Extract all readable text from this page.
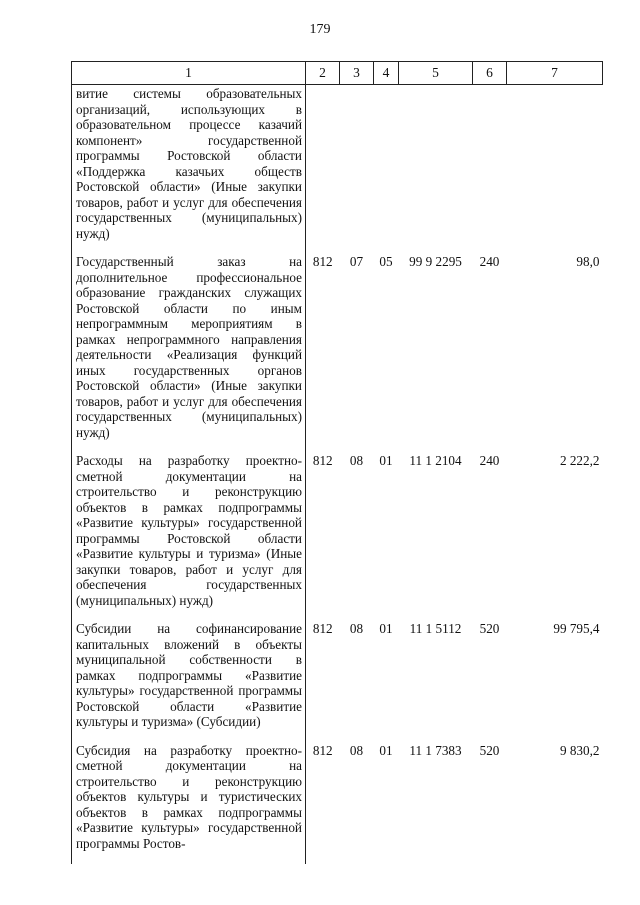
179
1	2	3	4	5	6	7
витие системы образовательных организаций, использующих в образовательном процессе казачий компонент» государственной программы Ростовской области «Поддержка казачьих обществ Ростовской области» (Иные закупки товаров, работ и услуг для обеспечения государственных (муниципальных) нужд)						
Государственный заказ на дополнительное профессиональное образование гражданских служащих Ростовской области по иным непрограммным мероприятиям в рамках непрограммного направления деятельности «Реализация функций иных государственных органов Ростовской области» (Иные закупки товаров, работ и услуг для обеспечения государственных (муниципальных) нужд)	812	07	05	99 9 2295	240	98,0
Расходы на разработку проектно-сметной документации на строительство и реконструкцию объектов в рамках подпрограммы «Развитие культуры» государственной программы Ростовской области «Развитие культуры и туризма» (Иные закупки товаров, работ и услуг для обеспечения государственных (муниципальных) нужд)	812	08	01	11 1 2104	240	2 222,2
Субсидии на софинансирование капитальных вложений в объекты муниципальной собственности в рамках подпрограммы «Развитие культуры» государственной программы Ростовской области «Развитие культуры и туризма» (Субсидии)	812	08	01	11 1 5112	520	99 795,4
Субсидия на разработку проектно-сметной документации на строительство и реконструкцию объектов культуры и туристических объектов в рамках подпрограммы «Развитие культуры» государственной программы Ростов-	812	08	01	11 1 7383	520	9 830,2
